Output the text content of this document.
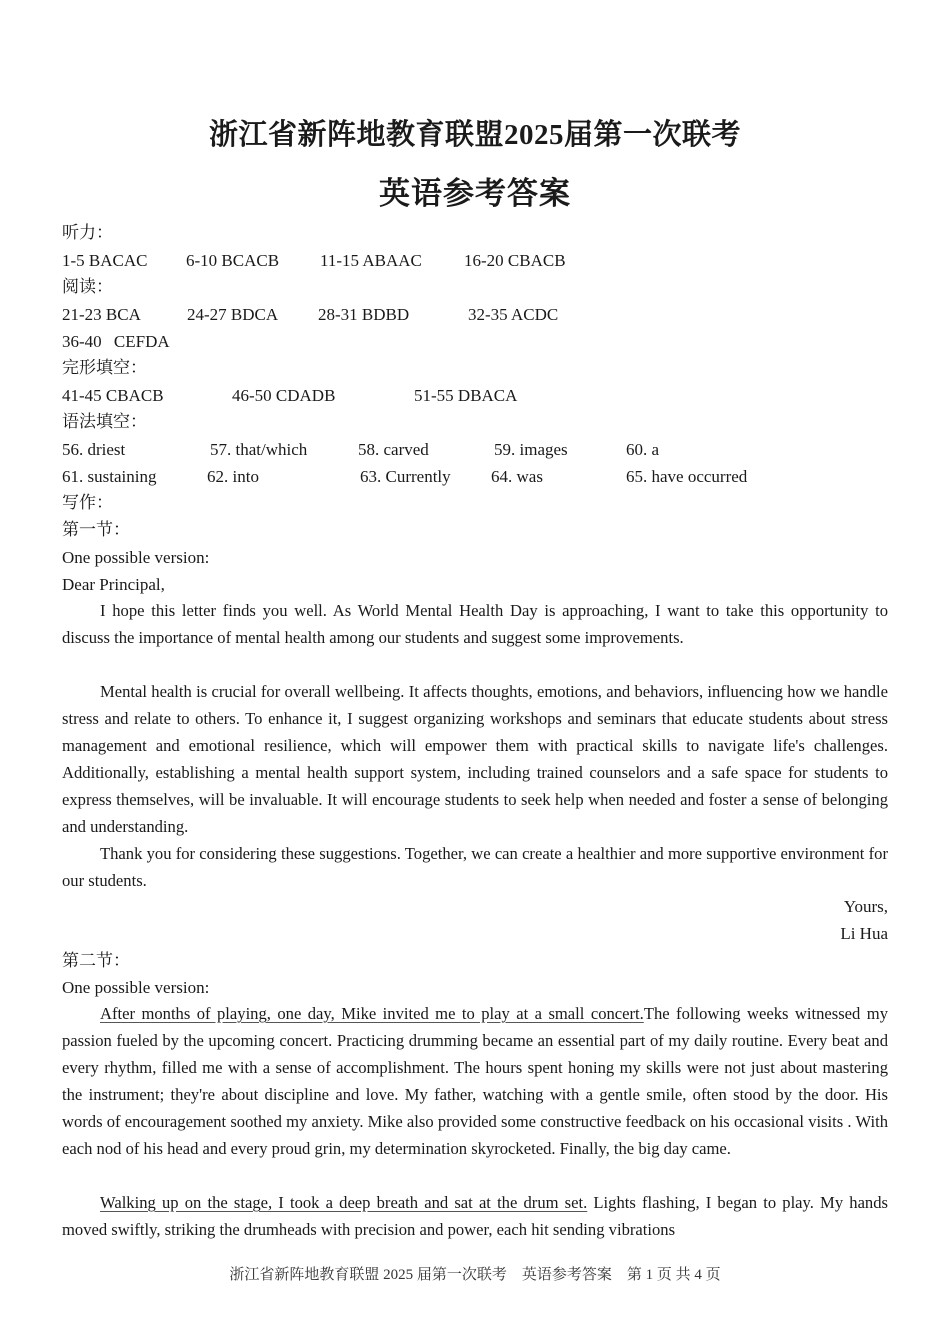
浙江省新阵地教育联盟2025届第一次联考
英语参考答案
听力：
1-5 BACAC 6-10 BCACB 11-15 ABAAC 16-20 CBACB
阅读：
21-23 BCA	24-27 BDCA 28-31 BDBD	32-35 ACDC
36-40 CEFDA
完形填空：
41-45 CBACB	46-50 CDADB	51-55 DBACA
语法填空：
56. driest	57. that/which	58. carved	59. images	60. a
61. sustaining	62. into	63. Currently 64. was	65. have occurred
写作：
第一节：
One possible version:
Dear Principal,
I hope this letter finds you well. As World Mental Health Day is approaching, I want to take this opportunity to discuss the importance of mental health among our students and suggest some improvements.
Mental health is crucial for overall wellbeing. It affects thoughts, emotions, and behaviors, influencing how we handle stress and relate to others. To enhance it, I suggest organizing workshops and seminars that educate students about stress management and emotional resilience, which will empower them with practical skills to navigate life's challenges. Additionally, establishing a mental health support system, including trained counselors and a safe space for students to express themselves, will be invaluable. It will encourage students to seek help when needed and foster a sense of belonging and understanding.
Thank you for considering these suggestions. Together, we can create a healthier and more supportive environment for our students.
Yours,
Li Hua
第二节：
One possible version:
After months of playing, one day, Mike invited me to play at a small concert.The following weeks witnessed my passion fueled by the upcoming concert. Practicing drumming became an essential part of my daily routine. Every beat and every rhythm, filled me with a sense of accomplishment. The hours spent honing my skills were not just about mastering the instrument; they're about discipline and love. My father, watching with a gentle smile, often stood by the door. His words of encouragement soothed my anxiety. Mike also provided some constructive feedback on his occasional visits . With each nod of his head and every proud grin, my determination skyrocketed. Finally, the big day came.
Walking up on the stage, I took a deep breath and sat at the drum set. Lights flashing, I began to play. My hands moved swiftly, striking the drumheads with precision and power, each hit sending vibrations
浙江省新阵地教育联盟 2025 届第一次联考　英语参考答案　第 1 页 共 4 页
